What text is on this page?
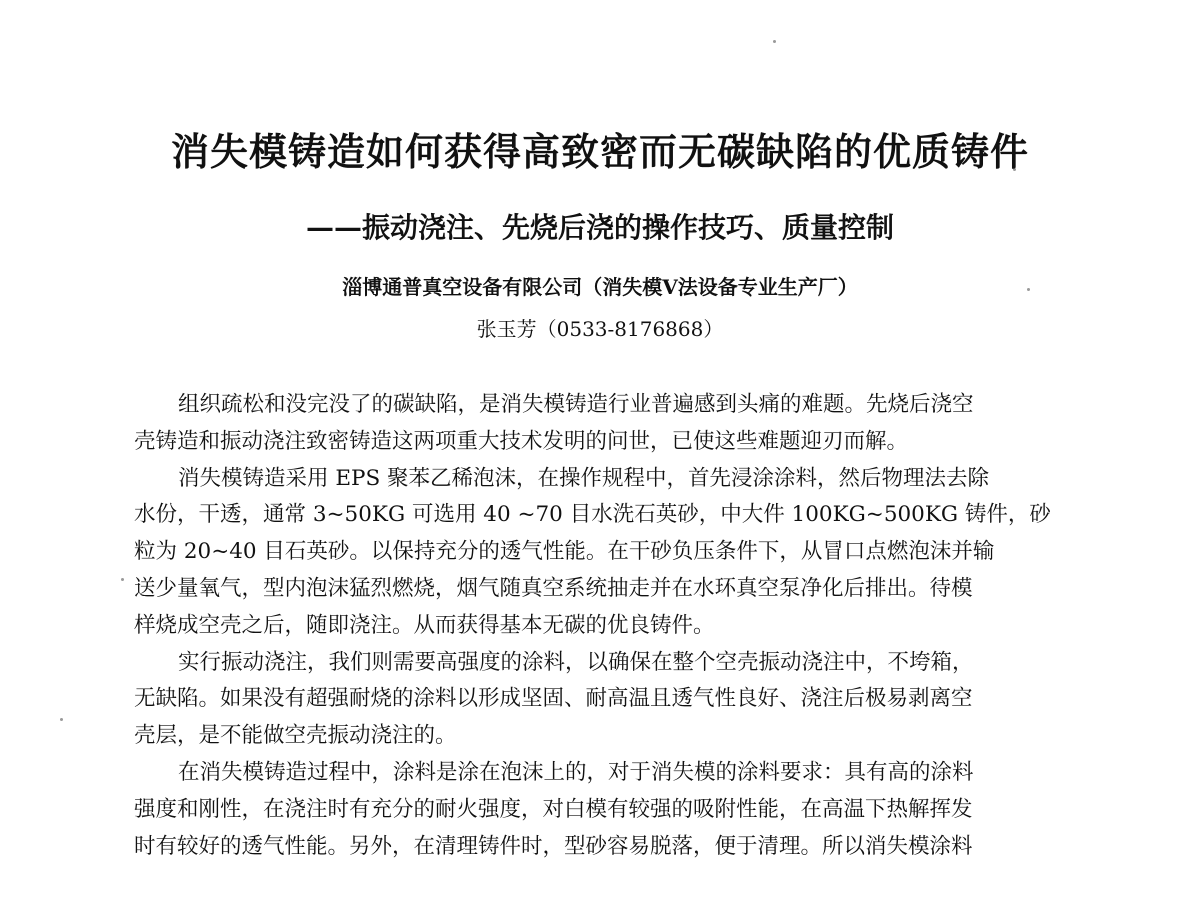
消失模铸造如何获得高致密而无碳缺陷的优质铸件
——振动浇注、先烧后浇的操作技巧、质量控制
淄博通普真空设备有限公司（消失模V法设备专业生产厂）
张玉芳（0533-8176868）
组织疏松和没完没了的碳缺陷，是消失模铸造行业普遍感到头痛的难题。先烧后浇空
壳铸造和振动浇注致密铸造这两项重大技术发明的问世，已使这些难题迎刃而解。
消失模铸造采用 EPS 聚苯乙稀泡沫，在操作规程中，首先浸涂涂料，然后物理法去除
水份，干透，通常 3~50KG 可选用 40 ~70 目水洗石英砂，中大件 100KG~500KG 铸件，砂
粒为 20~40 目石英砂。以保持充分的透气性能。在干砂负压条件下，从冒口点燃泡沫并输
送少量氧气，型内泡沫猛烈燃烧，烟气随真空系统抽走并在水环真空泵净化后排出。待模
样烧成空壳之后，随即浇注。从而获得基本无碳的优良铸件。
实行振动浇注，我们则需要高强度的涂料，以确保在整个空壳振动浇注中，不垮箱，
无缺陷。如果没有超强耐烧的涂料以形成坚固、耐高温且透气性良好、浇注后极易剥离空
壳层，是不能做空壳振动浇注的。
在消失模铸造过程中，涂料是涂在泡沫上的，对于消失模的涂料要求：具有高的涂料
强度和刚性，在浇注时有充分的耐火强度，对白模有较强的吸附性能，在高温下热解挥发
时有较好的透气性能。另外，在清理铸件时，型砂容易脱落，便于清理。所以消失模涂料
